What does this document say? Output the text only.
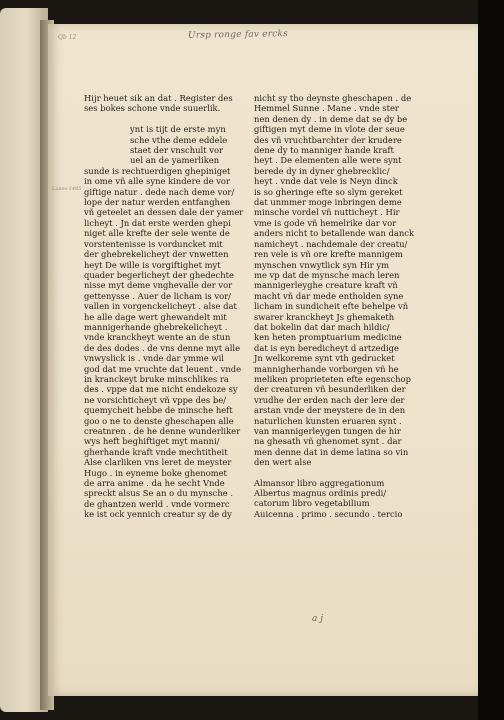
Qb 12	Ursp ronge fav ercks
Lanes 1485
Hijr heuet sik an dat . Register des
ses bokes schone vnde suuerlik.

ynt is tijt de erste myn
sche vthe deme eddele
staet der vnschult vor
uel an de yamerliken
sunde is rechtuerdigen ghepiniget
in ome vñ alle syne kindere de vor
giftige natur . dede nach deme vor/
lope der natur werden entfanghen
vñ geteelet an dessen dale der yamer
licheyt . Jn dat erste werden ghepi
niget alle krefte der sele wente de
vorstentenisse is vorduncket mit
der ghebrekelicheyt der vnwetten
heyt De wille is vorgiftighet myt
quader begerlicheyt der ghedechte
nisse myt deme vnghevalle der vor
gettenysse . Auer de licham is vor/
vallen in vorgenckelicheyt . alse dat
he alle dage wert ghewandelt mit
mannigerhande ghebrekelicheyt .
vnde kranckheyt wente an de stun
de des dodes . de vns denne myt alle
vnwyslick is . vnde dar ymme wil
god dat me vruchte dat leuent . vnde
in kranckeyt bruke minschlikes ra
des . vppe dat me nicht endekoze sy
ne vorsichticheyt vñ vppe des be/
quemycheit hebbe de minsche heft
goo o ne to denste gheschapen alle
creatnren . de he denne wunderliker
wys heft beghiftiget myt manni/
gherhande kraft vnde mechtitheit
Alse clarliken vns leret de meyster
Hugo . in eyneme boke ghenomet
de arra anime . da he secht Vnde
spreckt alsus Se an o du mynsche .
de ghantzen werld . vnde vormerc
ke ist ock yennich creatur sy de dy
nicht sy tho deynste gheschapen . de
Hemmel Sunne . Mane . vnde ster
nen denen dy . in deme dat se dy be
giftigen myt deme in vlote der seue
des vñ vruchtbarchter der krudere
dene dy to manniger hande kraft
heyt . De elementen alle were synt
berede dy in dyner ghebrecklic/
heyt . vnde dat vele is Neyn dinck
is so gheringe efte so slym gereket
dat unmmer moge inbringen deme
minsche vordel vñ nutticheyt . Hir
vme is gode vñ hemelrike dar vor
anders nicht to betallende wan danck
namicheyt . nachdemale der creatu/
ren vele is vñ ore krefte mannigem
mynschen vnwytlick syn Hir ym
me vp dat de mynsche mach leren
mannigerleyghe creature kraft vñ
macht vñ dar mede entholden syne
licham in sundicheit efte behelpe vñ
swarer kranckheyt Js ghemaketh
dat bokelin dat dar mach hildic/
ken heten promptuarium medicine
dat is eyn beredicheyt d artzedige
Jn welkoreme synt vth gedrucket
mannigherhande vorborgen vñ he
meliken proprieteten efte egenschop
der creaturen vñ besunderliken der
vrudhe der erden nach der lere der
arstan vnde der meystere de in den
naturlichen kunsten eruaren synt .
van mannigerleygen tungen de hir
na ghesath vñ ghenomet synt . dar
men denne dat in deme latina so vin
den wert alse
Almansor libro aggregationum
Albertus magnus ordinis predi/
catorum libro vegetabilium
Auicenna . primo . secundo . tercio
a j
